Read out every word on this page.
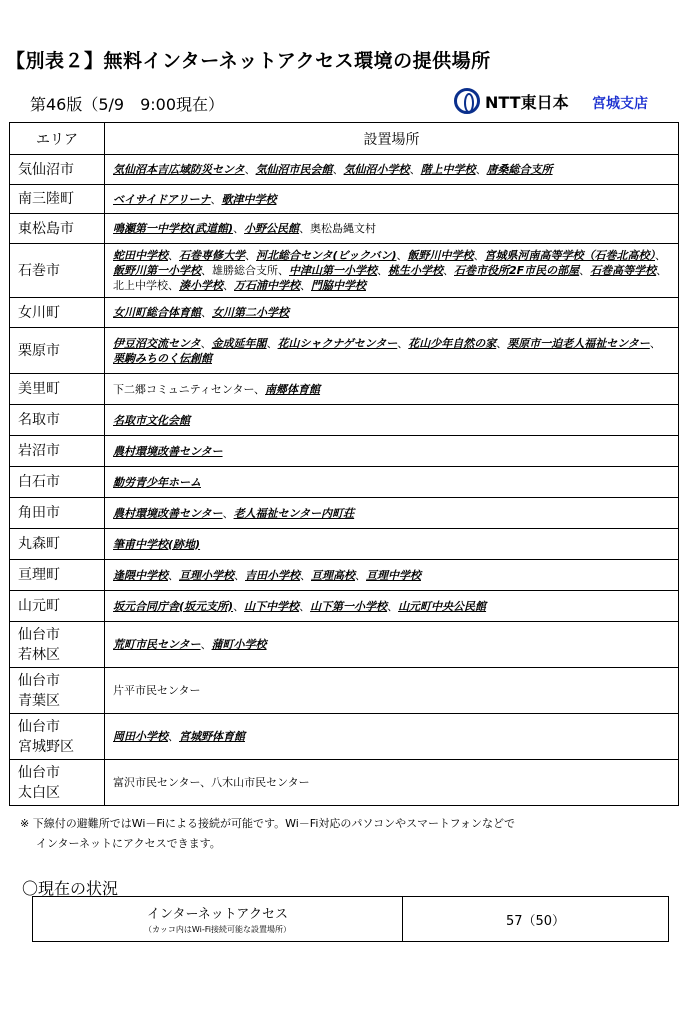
【別表２】無料インターネットアクセス環境の提供場所
第46版（5/9　9:00現在）	NTT東日本 宮城支店
エリア	設置場所

気仙沼市	気仙沼本吉広域防災センタ、気仙沼市民会館、気仙沼小学校、階上中学校、唐桑総合支所

南三陸町	ベイサイドアリーナ、歌津中学校

東松島市	鳴瀬第一中学校(武道館)、小野公民館、奥松島縄文村

石巻市	蛇田中学校、石巻専修大学、河北総合センタ(ビックバン)、飯野川中学校、宮城県河南高等学校（石巻北高校）、飯野川第一小学校、雄勝総合支所、中津山第一小学校、桃生小学校、石巻市役所2F市民の部屋、石巻高等学校、北上中学校、湊小学校、万石浦中学校、門脇中学校

女川町	女川町総合体育館、女川第二小学校

栗原市	伊豆沼交流センタ、金成延年閣、花山シャクナゲセンター、花山少年自然の家、栗原市一迫老人福祉センター、栗駒みちのく伝創館

美里町	下二郷コミュニティセンター、南郷体育館

名取市	名取市文化会館

岩沼市	農村環境改善センター

白石市	勤労青少年ホーム

角田市	農村環境改善センター、老人福祉センター内町荘

丸森町	筆甫中学校(跡地)

亘理町	逢隈中学校、亘理小学校、吉田小学校、亘理高校、亘理中学校

山元町	坂元合同庁舎(坂元支所)、山下中学校、山下第一小学校、山元町中央公民館

仙台市
若林区	荒町市民センター、蒲町小学校

仙台市
青葉区	片平市民センター

仙台市
宮城野区	岡田小学校、宮城野体育館

仙台市
太白区	富沢市民センター、八木山市民センター
※ 下線付の避難所ではWi－Fiによる接続が可能です。Wi－Fi対応のパソコンやスマートフォンなどで
インターネットにアクセスできます。
〇現在の状況
インターネットアクセス
（カッコ内はWi-Fi接続可能な設置場所）
	57（50）
